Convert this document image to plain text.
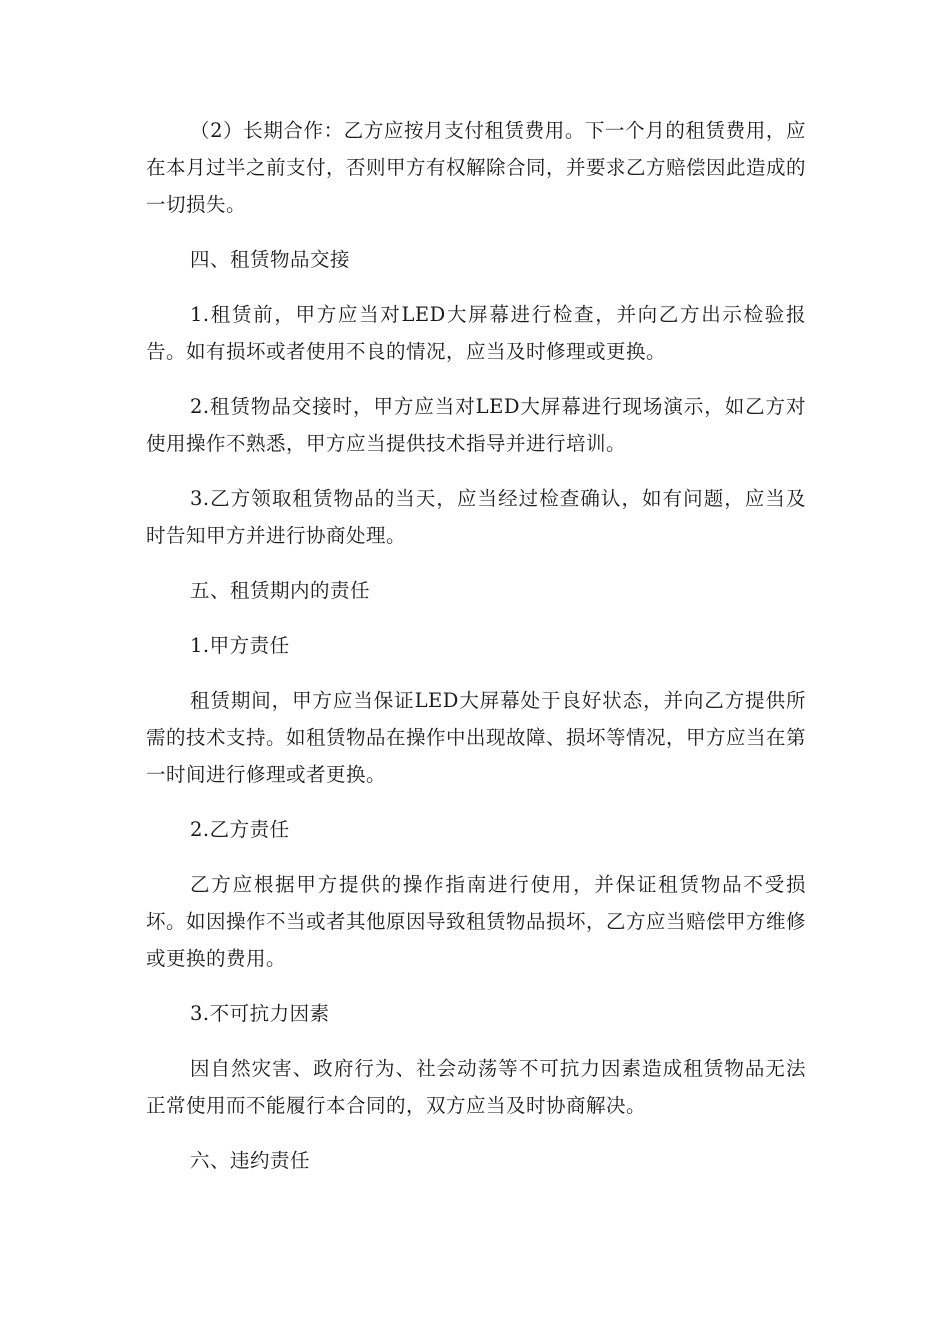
（2）长期合作：乙方应按月支付租赁费用。下一个月的租赁费用，应在本月过半之前支付，否则甲方有权解除合同，并要求乙方赔偿因此造成的一切损失。

四、租赁物品交接

1.租赁前，甲方应当对LED大屏幕进行检查，并向乙方出示检验报告。如有损坏或者使用不良的情况，应当及时修理或更换。

2.租赁物品交接时，甲方应当对LED大屏幕进行现场演示，如乙方对使用操作不熟悉，甲方应当提供技术指导并进行培训。

3.乙方领取租赁物品的当天，应当经过检查确认，如有问题，应当及时告知甲方并进行协商处理。

五、租赁期内的责任

1.甲方责任

租赁期间，甲方应当保证LED大屏幕处于良好状态，并向乙方提供所需的技术支持。如租赁物品在操作中出现故障、损坏等情况，甲方应当在第一时间进行修理或者更换。

2.乙方责任

乙方应根据甲方提供的操作指南进行使用，并保证租赁物品不受损坏。如因操作不当或者其他原因导致租赁物品损坏，乙方应当赔偿甲方维修或更换的费用。

3.不可抗力因素

因自然灾害、政府行为、社会动荡等不可抗力因素造成租赁物品无法正常使用而不能履行本合同的，双方应当及时协商解决。

六、违约责任
